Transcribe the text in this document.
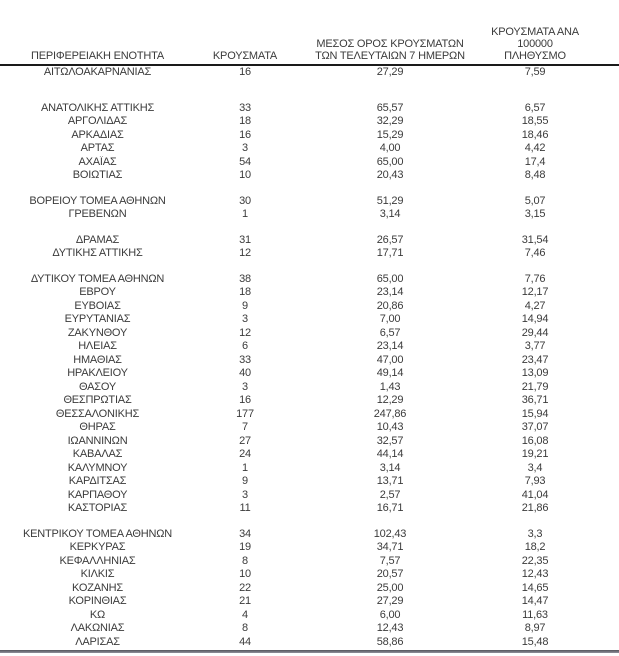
ΠΕΡΙΦΕΡΕΙΑΚΗ ΕΝΟΤΗΤΑ	ΚΡΟΥΣΜΑΤΑ	ΜΕΣΟΣ ΟΡΟΣ ΚΡΟΥΣΜΑΤΩΝ
ΤΩΝ ΤΕΛΕΥΤΑΙΩΝ 7 ΗΜΕΡΩΝ	ΚΡΟΥΣΜΑΤΑ ΑΝΑ 100000
ΠΛΗΘΥΣΜΟ	
ΑΙΤΩΛΟΑΚΑΡΝΑΝΙΑΣ	16	27,29	7,59	

ΑΝΑΤΟΛΙΚΗΣ ΑΤΤΙΚΗΣ	33	65,57	6,57	
ΑΡΓΟΛΙΔΑΣ	18	32,29	18,55	
ΑΡΚΑΔΙΑΣ	16	15,29	18,46	
ΑΡΤΑΣ	3	4,00	4,42	
ΑΧΑΪΑΣ	54	65,00	17,4	
ΒΟΙΩΤΙΑΣ	10	20,43	8,48	

ΒΟΡΕΙΟΥ ΤΟΜΕΑ ΑΘΗΝΩΝ	30	51,29	5,07	
ΓΡΕΒΕΝΩΝ	1	3,14	3,15	

ΔΡΑΜΑΣ	31	26,57	31,54	
ΔΥΤΙΚΗΣ ΑΤΤΙΚΗΣ	12	17,71	7,46	

ΔΥΤΙΚΟΥ ΤΟΜΕΑ ΑΘΗΝΩΝ	38	65,00	7,76	
ΕΒΡΟΥ	18	23,14	12,17	
ΕΥΒΟΙΑΣ	9	20,86	4,27	
ΕΥΡΥΤΑΝΙΑΣ	3	7,00	14,94	
ΖΑΚΥΝΘΟΥ	12	6,57	29,44	
ΗΛΕΙΑΣ	6	23,14	3,77	
ΗΜΑΘΙΑΣ	33	47,00	23,47	
ΗΡΑΚΛΕΙΟΥ	40	49,14	13,09	
ΘΑΣΟΥ	3	1,43	21,79	
ΘΕΣΠΡΩΤΙΑΣ	16	12,29	36,71	
ΘΕΣΣΑΛΟΝΙΚΗΣ	177	247,86	15,94	
ΘΗΡΑΣ	7	10,43	37,07	
ΙΩΑΝΝΙΝΩΝ	27	32,57	16,08	
ΚΑΒΑΛΑΣ	24	44,14	19,21	
ΚΑΛΥΜΝΟΥ	1	3,14	3,4	
ΚΑΡΔΙΤΣΑΣ	9	13,71	7,93	
ΚΑΡΠΑΘΟΥ	3	2,57	41,04	
ΚΑΣΤΟΡΙΑΣ	11	16,71	21,86	

ΚΕΝΤΡΙΚΟΥ ΤΟΜΕΑ ΑΘΗΝΩΝ	34	102,43	3,3	
ΚΕΡΚΥΡΑΣ	19	34,71	18,2	
ΚΕΦΑΛΛΗΝΙΑΣ	8	7,57	22,35	
ΚΙΛΚΙΣ	10	20,57	12,43	
ΚΟΖΑΝΗΣ	22	25,00	14,65	
ΚΟΡΙΝΘΙΑΣ	21	27,29	14,47	
ΚΩ	4	6,00	11,63	
ΛΑΚΩΝΙΑΣ	8	12,43	8,97	
ΛΑΡΙΣΑΣ	44	58,86	15,48	
